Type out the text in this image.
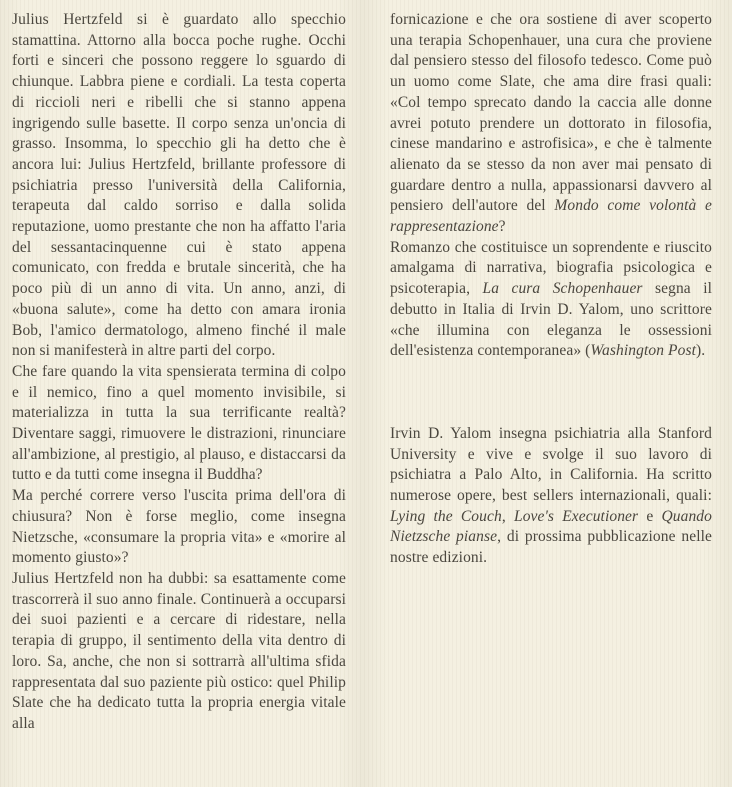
Julius Hertzfeld si è guardato allo specchio stamattina. Attorno alla bocca poche rughe. Occhi forti e sinceri che possono reggere lo sguardo di chiunque. Labbra piene e cordiali. La testa coperta di riccioli neri e ribelli che si stanno appena ingrigendo sulle basette. Il corpo senza un'oncia di grasso. Insomma, lo specchio gli ha detto che è ancora lui: Julius Hertzfeld, brillante professore di psichiatria presso l'università della California, terapeuta dal caldo sorriso e dalla solida reputazione, uomo prestante che non ha affatto l'aria del sessantacinquenne cui è stato appena comunicato, con fredda e brutale sincerità, che ha poco più di un anno di vita. Un anno, anzi, di «buona salute», come ha detto con amara ironia Bob, l'amico dermatologo, almeno finché il male non si manifesterà in altre parti del corpo.

Che fare quando la vita spensierata termina di colpo e il nemico, fino a quel momento invisibile, si materializza in tutta la sua terrificante realtà? Diventare saggi, rimuovere le distrazioni, rinunciare all'ambizione, al prestigio, al plauso, e distaccarsi da tutto e da tutti come insegna il Buddha?

Ma perché correre verso l'uscita prima dell'ora di chiusura? Non è forse meglio, come insegna Nietzsche, «consumare la propria vita» e «morire al momento giusto»?

Julius Hertzfeld non ha dubbi: sa esattamente come trascorrerà il suo anno finale. Continuerà a occuparsi dei suoi pazienti e a cercare di ridestare, nella terapia di gruppo, il sentimento della vita dentro di loro. Sa, anche, che non si sottrarrà all'ultima sfida rappresentata dal suo paziente più ostico: quel Philip Slate che ha dedicato tutta la propria energia vitale alla

fornicazione e che ora sostiene di aver scoperto una terapia Schopenhauer, una cura che proviene dal pensiero stesso del filosofo tedesco. Come può un uomo come Slate, che ama dire frasi quali: «Col tempo sprecato dando la caccia alle donne avrei potuto prendere un dottorato in filosofia, cinese mandarino e astrofisica», e che è talmente alienato da se stesso da non aver mai pensato di guardare dentro a nulla, appassionarsi davvero al pensiero dell'autore del Mondo come volontà e rappresentazione?

Romanzo che costituisce un soprendente e riuscito amalgama di narrativa, biografia psicologica e psicoterapia, La cura Schopenhauer segna il debutto in Italia di Irvin D. Yalom, uno scrittore «che illumina con eleganza le ossessioni dell'esistenza contemporanea» (Washington Post).

Irvin D. Yalom insegna psichiatria alla Stanford University e vive e svolge il suo lavoro di psichiatra a Palo Alto, in California. Ha scritto numerose opere, best sellers internazionali, quali: Lying the Couch, Love's Executioner e Quando Nietzsche pianse, di prossima pubblicazione nelle nostre edizioni.
